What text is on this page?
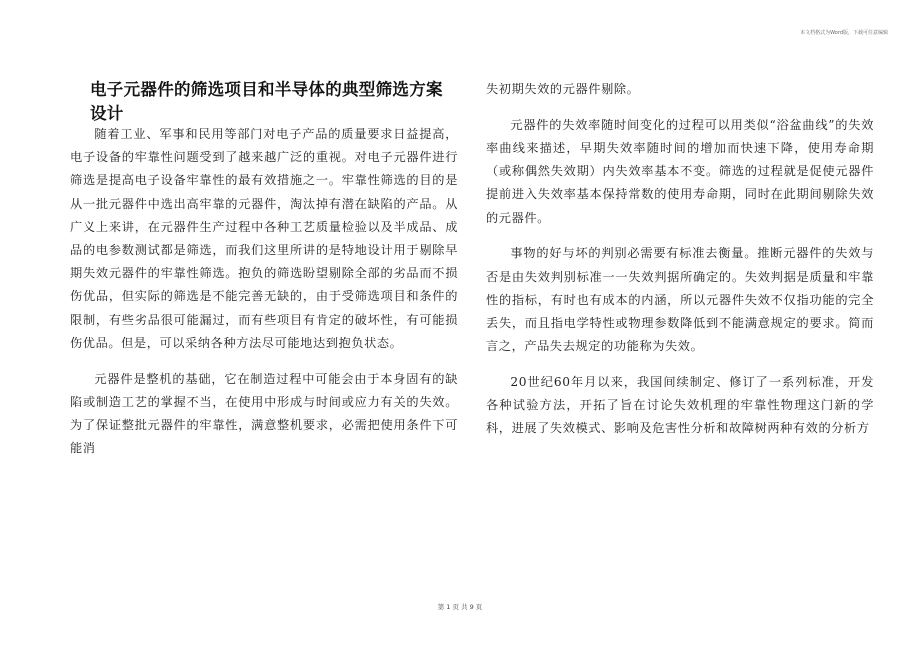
本文档格式为Word版，下载可任意编辑
电子元器件的筛选项目和半导体的典型筛选方案设计

随着工业、军事和民用等部门对电子产品的质量要求日益提高，电子设备的牢靠性问题受到了越来越广泛的重视。对电子元器件进行筛选是提高电子设备牢靠性的最有效措施之一。牢靠性筛选的目的是从一批元器件中选出高牢靠的元器件，淘汰掉有潜在缺陷的产品。从广义上来讲，在元器件生产过程中各种工艺质量检验以及半成品、成品的电参数测试都是筛选，而我们这里所讲的是特地设计用于剔除早期失效元器件的牢靠性筛选。抱负的筛选盼望剔除全部的劣品而不损伤优品，但实际的筛选是不能完善无缺的，由于受筛选项目和条件的限制，有些劣品很可能漏过，而有些项目有肯定的破坏性，有可能损伤优品。但是，可以采纳各种方法尽可能地达到抱负状态。

元器件是整机的基础，它在制造过程中可能会由于本身固有的缺陷或制造工艺的掌握不当，在使用中形成与时间或应力有关的失效。为了保证整批元器件的牢靠性，满意整机要求，必需把使用条件下可能消

失初期失效的元器件剔除。

元器件的失效率随时间变化的过程可以用类似“浴盆曲线”的失效率曲线来描述，早期失效率随时间的增加而快速下降，使用寿命期（或称偶然失效期）内失效率基本不变。筛选的过程就是促使元器件提前进入失效率基本保持常数的使用寿命期，同时在此期间剔除失效的元器件。

事物的好与坏的判别必需要有标准去衡量。推断元器件的失效与否是由失效判别标准一一失效判据所确定的。失效判据是质量和牢靠性的指标，有时也有成本的内涵，所以元器件失效不仅指功能的完全丢失，而且指电学特性或物理参数降低到不能满意规定的要求。简而言之，产品失去规定的功能称为失效。

20世纪60年月以来，我国间续制定、修订了一系列标准，开发各种试验方法，开拓了旨在讨论失效机理的牢靠性物理这门新的学科，进展了失效模式、影响及危害性分析和故障树两种有效的分析方

第 1 页 共 9 页
